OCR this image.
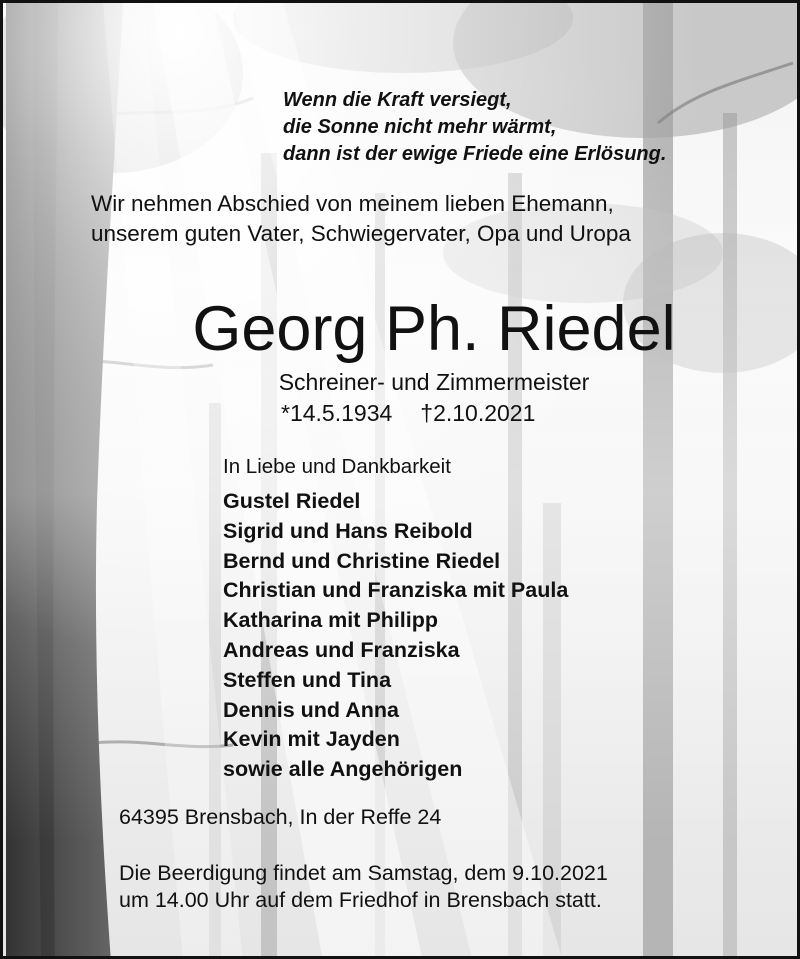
Wenn die Kraft versiegt,
die Sonne nicht mehr wärmt,
dann ist der ewige Friede eine Erlösung.
Wir nehmen Abschied von meinem lieben Ehemann,
unserem guten Vater, Schwiegervater, Opa und Uropa
Georg Ph. Riedel
Schreiner- und Zimmermeister
*14.5.1934 †2.10.2021
In Liebe und Dankbarkeit
Gustel Riedel
Sigrid und Hans Reibold
Bernd und Christine Riedel
Christian und Franziska mit Paula
Katharina mit Philipp
Andreas und Franziska
Steffen und Tina
Dennis und Anna
Kevin mit Jayden
sowie alle Angehörigen
64395 Brensbach, In der Reffe 24
Die Beerdigung findet am Samstag, dem 9.10.2021
um 14.00 Uhr auf dem Friedhof in Brensbach statt.
